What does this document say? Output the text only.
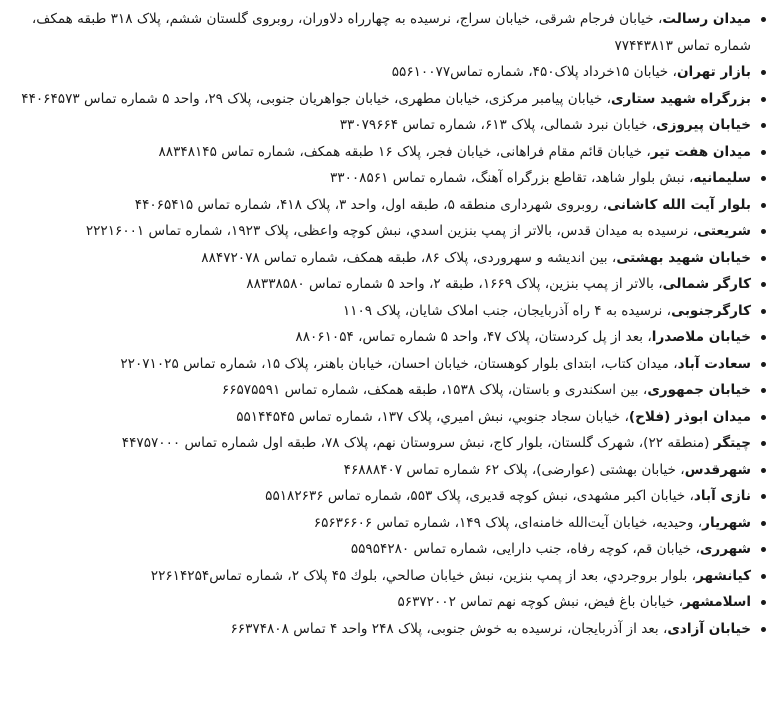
میدان رسالت، خیابان فرجام شرقی، خیابان سراج، نرسیده به چهارراه دلاوران، روبروی گلستان ششم، پلاک ۳۱۸ طبقه همکف، شماره تماس ۷۷۴۴۳۸۱۳
بازار تهران، خیابان ۱۵خرداد پلاک۴۵۰، شماره تماس۵۵۶۱۰۰۷۷
بزرگراه شهید ستاری، خیابان پیامبر مرکزی، خیابان مطهری، خیابان جواهریان جنوبی، پلاک ۲۹، واحد ۵ شماره تماس ۴۴۰۶۴۵۷۳
خیابان پیروزی، خیابان نبرد شمالی، پلاک ۶۱۳، شماره تماس ۳۳۰۷۹۶۶۴
میدان هفت تیر، خیابان قائم مقام فراهانی، خیابان فجر، پلاک ۱۶ طبقه همکف، شماره تماس ۸۸۳۴۸۱۴۵
سلیمانیه، نبش بلوار شاهد، تقاطع بزرگراه آهنگ، شماره تماس ۳۳۰۰۸۵۶۱
بلوار آیت الله کاشانی، روبروی شهرداری منطقه ۵، طبقه اول، واحد ۳، پلاک ۴۱۸، شماره تماس ۴۴۰۶۵۴۱۵
شریعتی، نرسیده به میدان قدس، بالاتر از پمپ بنزین اسدي، نبش کوچه واعظی، پلاک ۱۹۲۳، شماره تماس ۲۲۲۱۶۰۰۱
خیابان شهید بهشتی، بین اندیشه و سهروردی، پلاک ۸۶، طبقه همکف، شماره تماس ۸۸۴۷۲۰۷۸
کارگر شمالی، بالاتر از پمپ بنزین، پلاک ۱۶۶۹، طبقه ۲، واحد ۵ شماره تماس ۸۸۳۳۸۵۸۰
کارگرجنوبی، نرسیده به ۴ راه آذربایجان، جنب املاک شایان، پلاک ۱۱۰۹
خیابان ملاصدرا، بعد از پل کردستان، پلاک ۴۷، واحد ۵ شماره تماس، ۸۸۰۶۱۰۵۴
سعادت آباد، میدان کتاب، ابتدای بلوار کوهستان، خیابان احسان، خیابان باهنر، پلاک ۱۵، شماره تماس ۲۲۰۷۱۰۲۵
خیابان جمهوری، بین اسکندری و باستان، پلاک ۱۵۳۸، طبقه همکف، شماره تماس ۶۶۵۷۵۵۹۱
میدان ابوذر (فلاح)، خیابان سجاد جنوبي، نبش اميري، پلاک ۱۳۷، شماره تماس ۵۵۱۴۴۵۴۵
چیتگر (منطقه ۲۲)، شهرک گلستان، بلوار کاج، نبش سروستان نهم، پلاک ۷۸، طبقه اول شماره تماس ۴۴۷۵۷۰۰۰
شهرقدس، خیابان بهشتی (عوارضی)، پلاک ۶۲ شماره تماس ۴۶۸۸۸۴۰۷
نازی آباد، خیابان اکبر مشهدی، نبش کوچه قدیری، پلاک ۵۵۳، شماره تماس ۵۵۱۸۲۶۳۶
شهریار، وحیدیه، خیابان آیت‌الله خامنه‌ای، پلاک ۱۴۹، شماره تماس ۶۵۶۳۶۶۰۶
شهرری، خیابان قم، کوچه رفاه، جنب دارایی، شماره تماس ۵۵۹۵۴۲۸۰
کیانشهر، بلوار بروجردي، بعد از پمپ بنزين، نبش خيابان صالحي، بلوك ۴۵ پلاک ۲، شماره تماس۲۲۶۱۴۲۵۴
اسلامشهر، خیابان باغ فیض، نبش کوچه نهم تماس ۵۶۳۷۲۰۰۲
خیابان آزادی، بعد از آذربایجان، نرسیده به خوش جنوبی، پلاک ۲۴۸ واحد ۴ تماس ۶۶۳۷۴۸۰۸
